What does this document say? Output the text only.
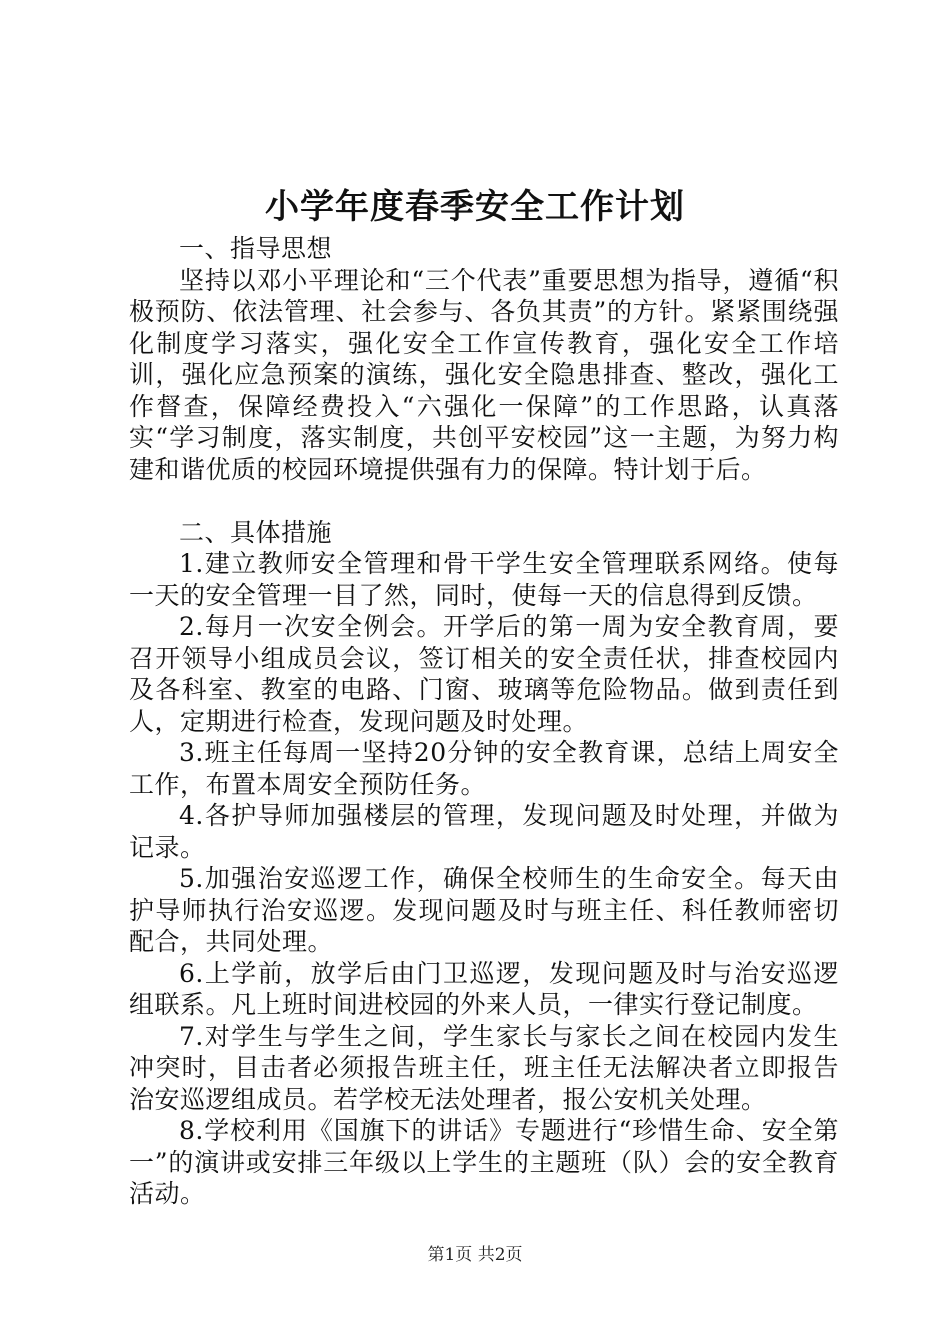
小学年度春季安全工作计划

一、指导思想

坚持以邓小平理论和“三个代表”重要思想为指导，遵循“积极预防、依法管理、社会参与、各负其责”的方针。紧紧围绕强化制度学习落实，强化安全工作宣传教育，强化安全工作培训，强化应急预案的演练，强化安全隐患排查、整改，强化工作督查，保障经费投入“六强化一保障”的工作思路，认真落实“学习制度，落实制度，共创平安校园”这一主题，为努力构建和谐优质的校园环境提供强有力的保障。特计划于后。

二、具体措施

1.建立教师安全管理和骨干学生安全管理联系网络。使每一天的安全管理一目了然，同时，使每一天的信息得到反馈。

2.每月一次安全例会。开学后的第一周为安全教育周，要召开领导小组成员会议，签订相关的安全责任状，排查校园内及各科室、教室的电路、门窗、玻璃等危险物品。做到责任到人，定期进行检查，发现问题及时处理。

3.班主任每周一坚持20分钟的安全教育课，总结上周安全工作，布置本周安全预防任务。

4.各护导师加强楼层的管理，发现问题及时处理，并做为记录。

5.加强治安巡逻工作，确保全校师生的生命安全。每天由护导师执行治安巡逻。发现问题及时与班主任、科任教师密切配合，共同处理。

6.上学前，放学后由门卫巡逻，发现问题及时与治安巡逻组联系。凡上班时间进校园的外来人员，一律实行登记制度。

7.对学生与学生之间，学生家长与家长之间在校园内发生冲突时，目击者必须报告班主任，班主任无法解决者立即报告治安巡逻组成员。若学校无法处理者，报公安机关处理。

8.学校利用《国旗下的讲话》专题进行“珍惜生命、安全第一”的演讲或安排三年级以上学生的主题班（队）会的安全教育活动。

第1页 共2页
